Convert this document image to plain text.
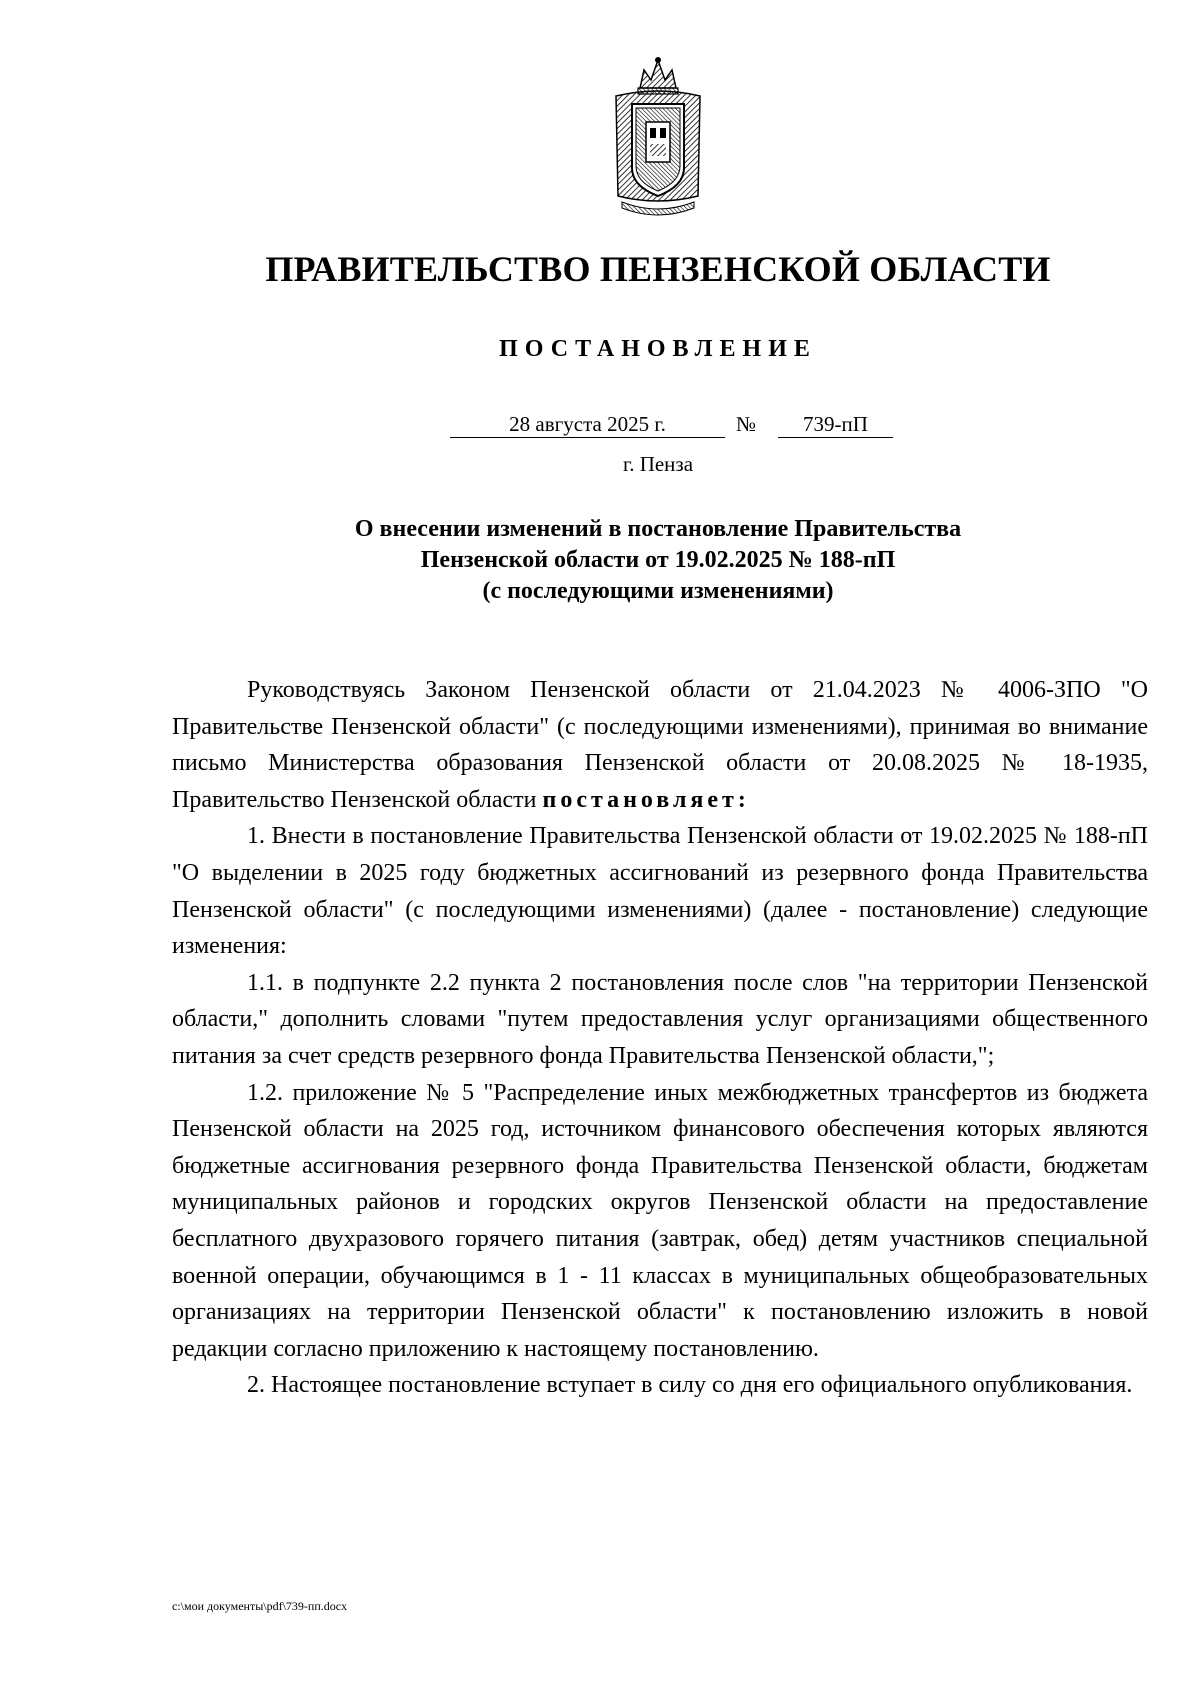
ПРАВИТЕЛЬСТВО ПЕНЗЕНСКОЙ ОБЛАСТИ
ПОСТАНОВЛЕНИЕ
28 августа 2025 г.	№	739-пП
г. Пенза
О внесении изменений в постановление Правительства
Пензенской области от 19.02.2025 № 188-пП
(с последующими изменениями)

Руководствуясь Законом Пензенской области от 21.04.2023 № 4006-ЗПО "О Правительстве Пензенской области" (с последующими изменениями), принимая во внимание письмо Министерства образования Пензенской области от 20.08.2025 № 18-1935, Правительство Пензенской области постановляет:

1. Внести в постановление Правительства Пензенской области от 19.02.2025 № 188-пП "О выделении в 2025 году бюджетных ассигнований из резервного фонда Правительства Пензенской области" (с последующими изменениями) (далее - постановление) следующие изменения:

1.1. в подпункте 2.2 пункта 2 постановления после слов "на территории Пензенской области," дополнить словами "путем предоставления услуг организациями общественного питания за счет средств резервного фонда Правительства Пензенской области,";

1.2. приложение № 5 "Распределение иных межбюджетных трансфертов из бюджета Пензенской области на 2025 год, источником финансового обеспечения которых являются бюджетные ассигнования резервного фонда Правительства Пензенской области, бюджетам муниципальных районов и городских округов Пензенской области на предоставление бесплатного двухразового горячего питания (завтрак, обед) детям участников специальной военной операции, обучающимся в 1 - 11 классах в муниципальных общеобразовательных организациях на территории Пензенской области" к постановлению изложить в новой редакции согласно приложению к настоящему постановлению.

2. Настоящее постановление вступает в силу со дня его официального опубликования.

c:\мои документы\pdf\739-пп.docx
